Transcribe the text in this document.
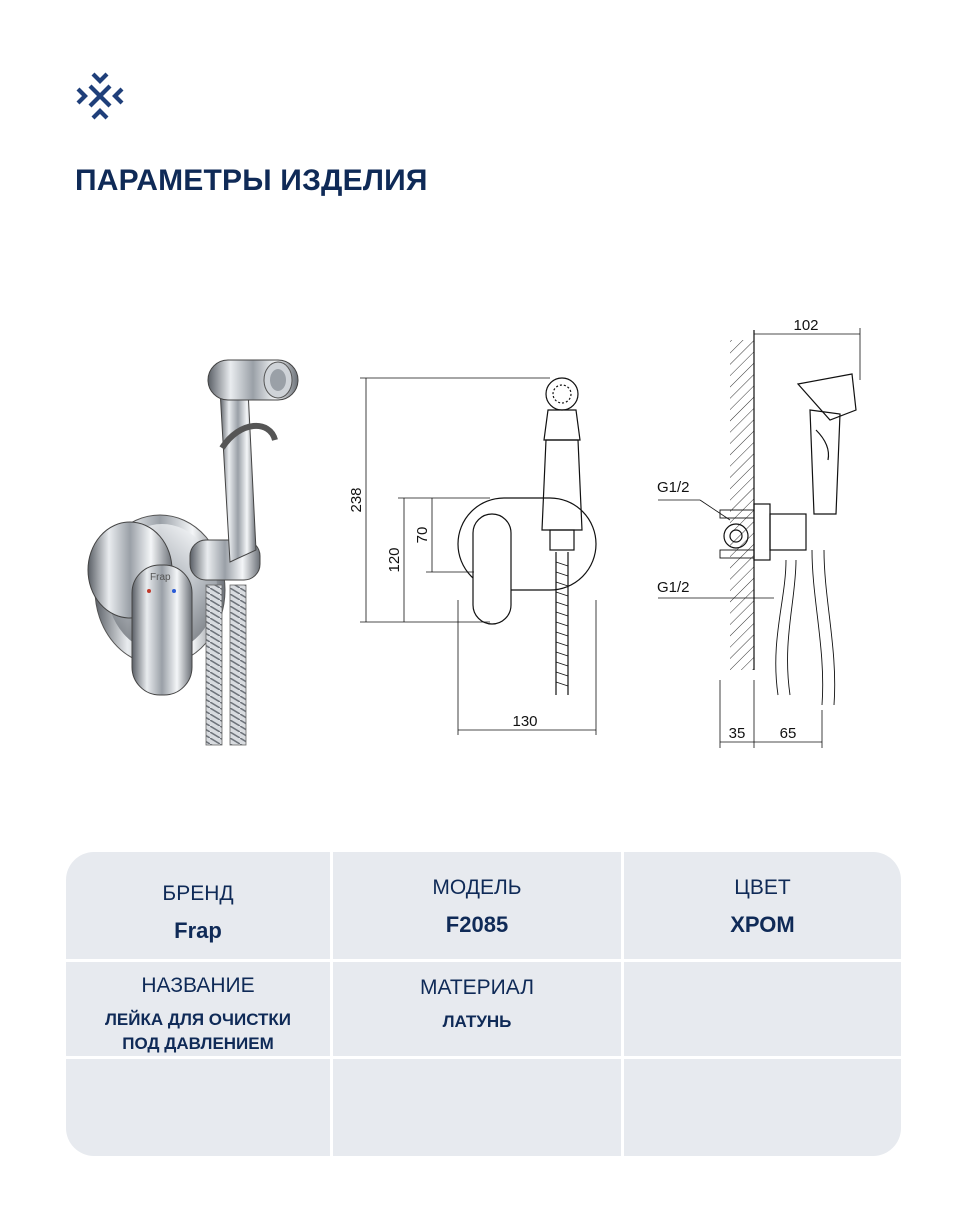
ПАРАМЕТРЫ ИЗДЕЛИЯ
Frap
238
120
70
130
102
G1/2
G1/2
35 65
БРЕНД
Frap
МОДЕЛЬ
F2085
ЦВЕТ
ХРОМ
НАЗВАНИЕ
ЛЕЙКА ДЛЯ ОЧИСТКИ
ПОД ДАВЛЕНИЕМ
МАТЕРИАЛ
ЛАТУНЬ
